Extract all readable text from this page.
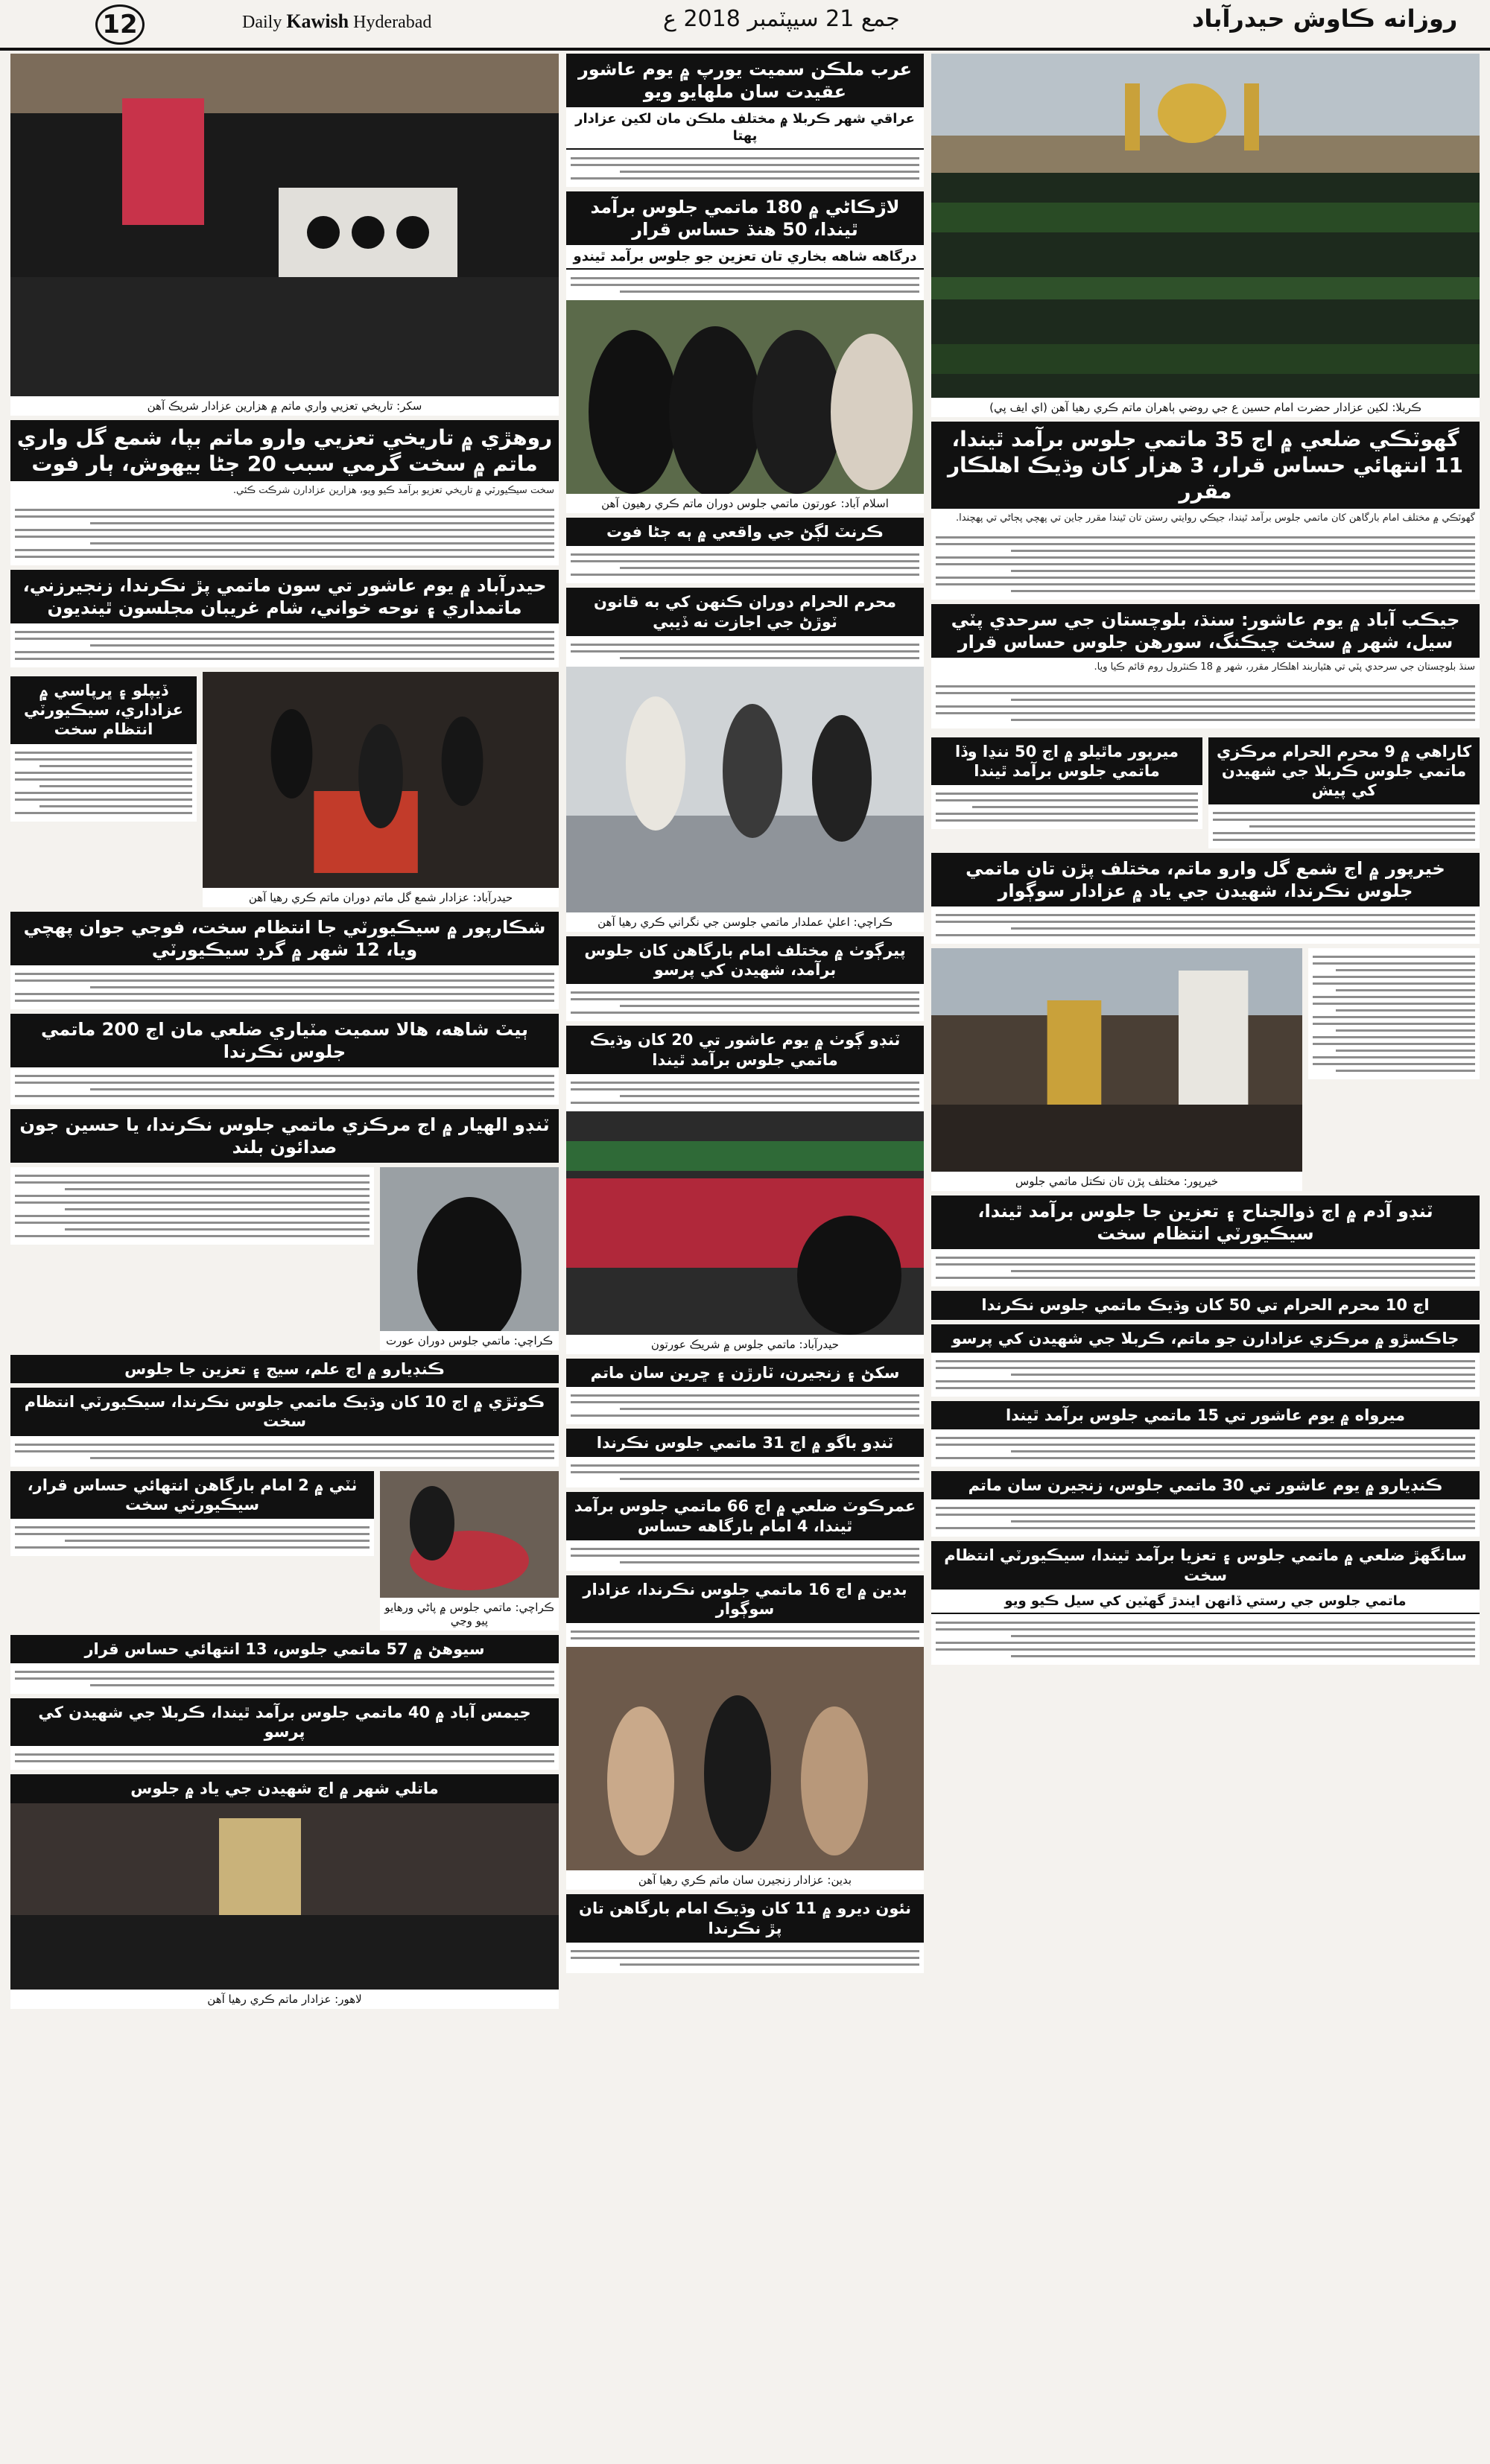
12	Daily Kawish Hyderabad	جمع 21 سيپٽمبر 2018 ع	روزانه ڪاوش حيدرآباد
ڪربلا: لکين عزادار حضرت امام حسين ع جي روضي ٻاهران ماتم ڪري رهيا آهن (اي ايف پي)
گهوٽڪي ضلعي ۾ اڄ 35 ماتمي جلوس برآمد ٿيندا، 11 انتهائي حساس قرار، 3 هزار کان وڌيڪ اهلڪار مقرر
گهوٽڪي ۾ مختلف امام بارگاهن کان ماتمي جلوس برآمد ٿيندا، جيڪي روايتي رستن تان ٿيندا مقرر جاين تي پهچي پڄاڻي تي پهچندا.
جيڪب آباد ۾ يوم عاشور: سنڌ، بلوچستان جي سرحدي پٽي سيل، شهر ۾ سخت چيڪنگ، سورهن جلوس حساس قرار
سنڌ بلوچستان جي سرحدي پٽي تي هٿياربند اهلڪار مقرر، شهر ۾ 18 ڪنٽرول روم قائم ڪيا ويا.
ميرپور ماٿيلو ۾ اڄ 50 ننڍا وڏا ماتمي جلوس برآمد ٿيندا
کاراهي ۾ 9 محرم الحرام مرڪزي ماتمي جلوس ڪربلا جي شهيدن کي پيش
خيرپور ۾ اڄ شمع گل وارو ماتم، مختلف پڙن تان ماتمي جلوس نڪرندا، شهيدن جي ياد ۾ عزادار سوڳوار
خيرپور: مختلف پڙن تان نڪتل ماتمي جلوس
ٽنڊو آدم ۾ اڄ ذوالجناح ۽ تعزين جا جلوس برآمد ٿيندا، سيڪيورٽي انتظام سخت
اڄ 10 محرم الحرام تي 50 کان وڌيڪ ماتمي جلوس نڪرندا
جاڪسڙو ۾ مرڪزي عزادارن جو ماتم، ڪربلا جي شهيدن کي پرسو
ميرواه ۾ يوم عاشور تي 15 ماتمي جلوس برآمد ٿيندا
ڪنڊيارو ۾ يوم عاشور تي 30 ماتمي جلوس، زنجيرن سان ماتم
سانگهڙ ضلعي ۾ ماتمي جلوس ۽ تعزيا برآمد ٿيندا، سيڪيورٽي انتظام سخت
ماتمي جلوس جي رستي ڏانهن ايندڙ گهٽين کي سيل ڪيو ويو
عرب ملڪن سميت يورپ ۾ يوم عاشور عقيدت سان ملهايو ويو
عراقي شهر ڪربلا ۾ مختلف ملڪن مان لکين عزادار پهتا
لاڙڪاڻي ۾ 180 ماتمي جلوس برآمد ٿيندا، 50 هنڌ حساس قرار
درگاهه شاهه بخاري تان تعزين جو جلوس برآمد ٿيندو
اسلام آباد: عورتون ماتمي جلوس دوران ماتم ڪري رهيون آهن
ڪرنٽ لڳڻ جي واقعي ۾ ٻه ڄڻا فوت
محرم الحرام دوران ڪنهن کي به قانون ٽوڙڻ جي اجازت نه ڏيبي
ڪراچي: اعليٰ عملدار ماتمي جلوسن جي نگراني ڪري رهيا آهن
پيرڳوٺ ۾ مختلف امام بارگاهن کان جلوس برآمد، شهيدن کي پرسو
ٽنڊو ڳوٺ ۾ يوم عاشور تي 20 کان وڌيڪ ماتمي جلوس برآمد ٿيندا
حيدرآباد: ماتمي جلوس ۾ شريڪ عورتون
سکڻ ۽ زنجيرن، ٽارڙن ۽ ڇرين سان ماتم
ٽنڊو باگو ۾ اڄ 31 ماتمي جلوس نڪرندا
عمرڪوٽ ضلعي ۾ اڄ 66 ماتمي جلوس برآمد ٿيندا، 4 امام بارگاهه حساس
بدين ۾ اڄ 16 ماتمي جلوس نڪرندا، عزادار سوڳوار
بدين: عزادار زنجيرن سان ماتم ڪري رهيا آهن
نئون ديرو ۾ 11 کان وڌيڪ امام بارگاهن تان پڙ نڪرندا
سکر: تاريخي تعزيي واري ماتم ۾ هزارين عزادار شريڪ آهن
روهڙي ۾ تاريخي تعزيي وارو ماتم بپا، شمع گل واري ماتم ۾ سخت گرمي سبب 20 ڄڻا بيهوش، ٻار فوت
سخت سيڪيورٽي ۾ تاريخي تعزيو برآمد ڪيو ويو، هزارين عزادارن شرڪت ڪئي.
حيدرآباد ۾ يوم عاشور تي سون ماتمي پڙ نڪرندا، زنجيرزني، ماتمداري ۽ نوحه خواني، شام غريبان مجلسون ٿينديون
ڏيپلو ۽ ڀرپاسي ۾ عزاداري، سيڪيورٽي انتظام سخت
حيدرآباد: عزادار شمع گل ماتم دوران ماتم ڪري رهيا آهن
شڪارپور ۾ سيڪيورٽي جا انتظام سخت، فوجي جوان پهچي ويا، 12 شهر ۾ گرڊ سيڪيورٽي
ٻيٽ شاهه، هالا سميت مٽياري ضلعي مان اڄ 200 ماتمي جلوس نڪرندا
ٽنڊو الهيار ۾ اڄ مرڪزي ماتمي جلوس نڪرندا، يا حسين جون صدائون بلند
ڪراچي: ماتمي جلوس دوران عورت
ڪنڊيارو ۾ اڄ علم، سيج ۽ تعزين جا جلوس
ڪوٽڙي ۾ اڄ 10 کان وڌيڪ ماتمي جلوس نڪرندا، سيڪيورٽي انتظام سخت
ٺٽي ۾ 2 امام بارگاهن انتهائي حساس قرار، سيڪيورٽي سخت
ڪراچي: ماتمي جلوس ۾ پاڻي ورهايو پيو وڃي
سيوهڻ ۾ 57 ماتمي جلوس، 13 انتهائي حساس قرار
جيمس آباد ۾ 40 ماتمي جلوس برآمد ٿيندا، ڪربلا جي شهيدن کي پرسو
ماتلي شهر ۾ اڄ شهيدن جي ياد ۾ جلوس
لاهور: عزادار ماتم ڪري رهيا آهن
